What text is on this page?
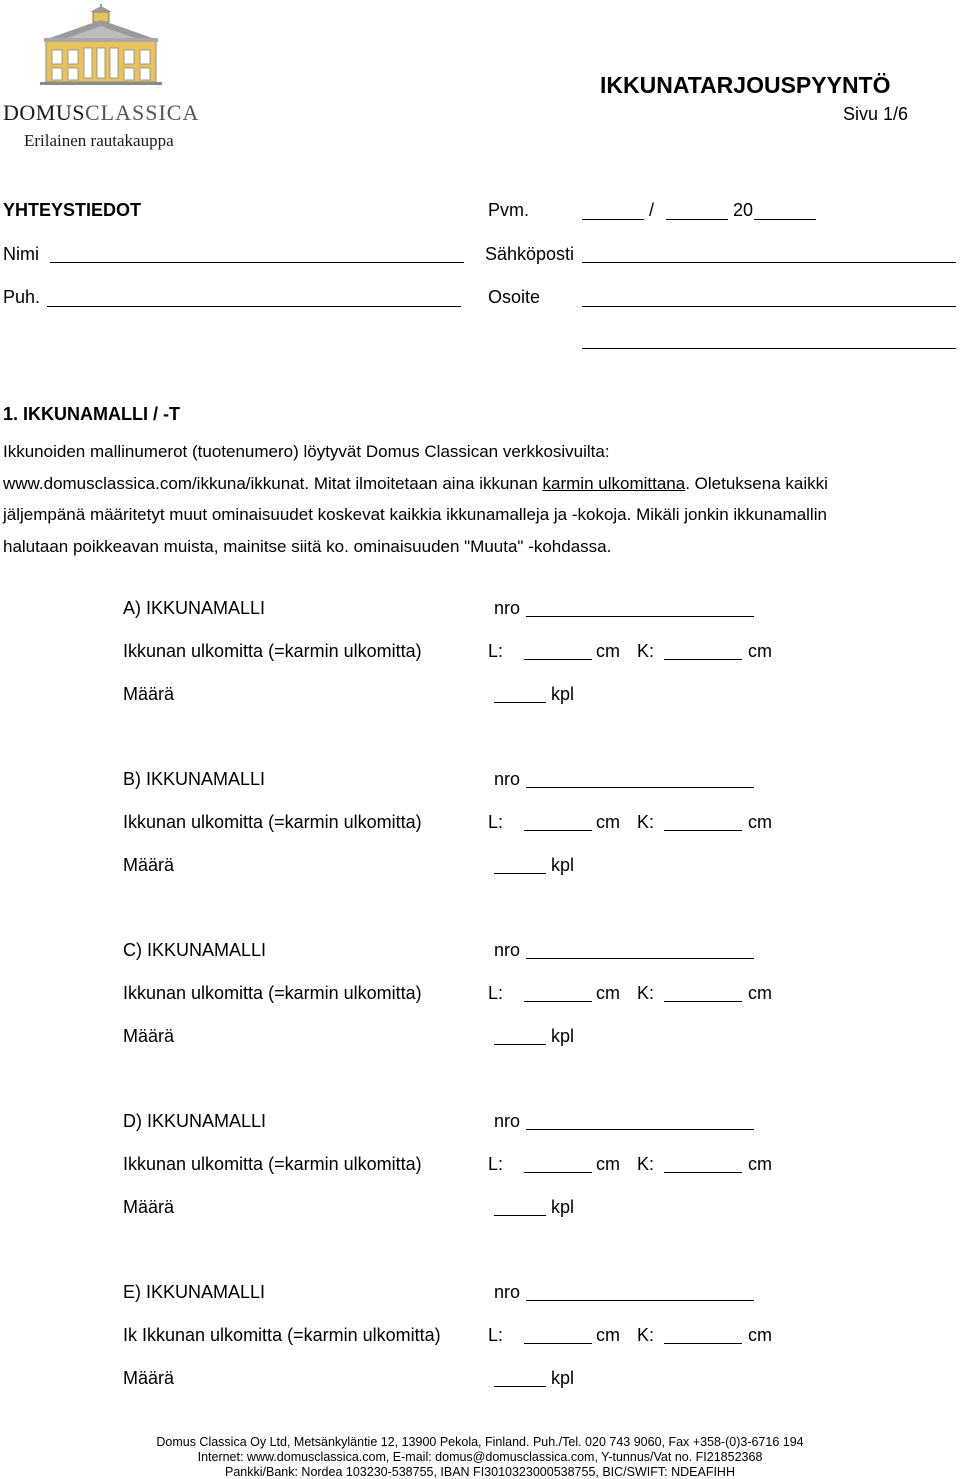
DOMUSCLASSICA
Erilainen rautakauppa
IKKUNATARJOUSPYYNTÖ
Sivu 1/6
YHTEYSTIEDOT	Pvm.	/	20
Nimi	Sähköposti
Puh.	Osoite
1. IKKUNAMALLI / -T
Ikkunoiden mallinumerot (tuotenumero) löytyvät Domus Classican verkkosivuilta:
www.domusclassica.com/ikkuna/ikkunat. Mitat ilmoitetaan aina ikkunan karmin ulkomittana. Oletuksena kaikki
jäljempänä määritetyt muut ominaisuudet koskevat kaikkia ikkunamalleja ja -kokoja. Mikäli jonkin ikkunamallin
halutaan poikkeavan muista, mainitse siitä ko. ominaisuuden "Muuta" -kohdassa.
A) IKKUNAMALLI	nro
Ikkunan ulkomitta (=karmin ulkomitta)	L:	cm K:	cm
Määrä	kpl
B) IKKUNAMALLI	nro
Ikkunan ulkomitta (=karmin ulkomitta)	L:	cm K:	cm
Määrä	kpl
C) IKKUNAMALLI	nro
Ikkunan ulkomitta (=karmin ulkomitta)	L:	cm K:	cm
Määrä	kpl
D) IKKUNAMALLI	nro
Ikkunan ulkomitta (=karmin ulkomitta)	L:	cm K:	cm
Määrä	kpl
E) IKKUNAMALLI	nro
Ik Ikkunan ulkomitta (=karmin ulkomitta)	L:	cm K:	cm
Määrä	kpl
Domus Classica Oy Ltd, Metsänkyläntie 12, 13900 Pekola, Finland. Puh./Tel. 020 743 9060, Fax +358-(0)3-6716 194
Internet: www.domusclassica.com, E-mail: domus@domusclassica.com, Y-tunnus/Vat no. FI21852368
Pankki/Bank: Nordea 103230-538755, IBAN FI3010323000538755, BIC/SWIFT: NDEAFIHH
